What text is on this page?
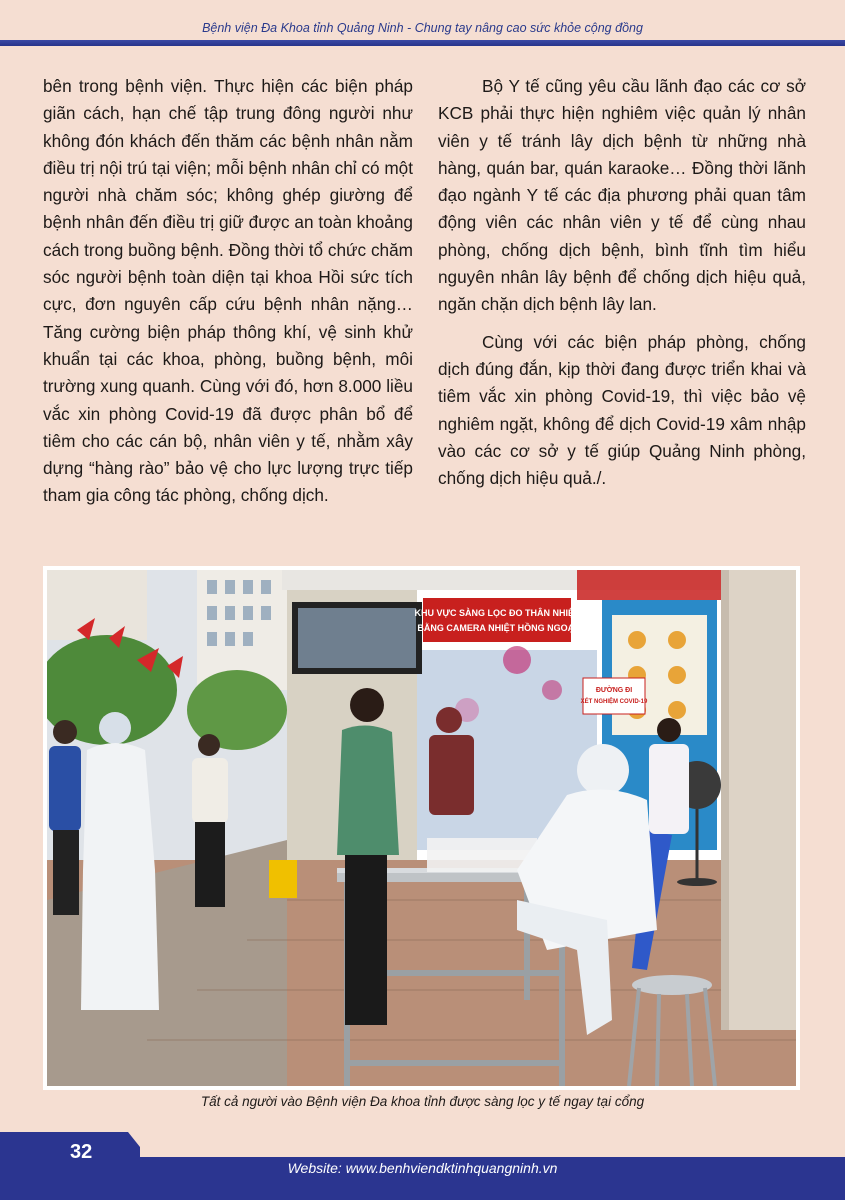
Bệnh viện Đa Khoa tỉnh Quảng Ninh - Chung tay nâng cao sức khỏe cộng đồng

bên trong bệnh viện. Thực hiện các biện pháp giãn cách, hạn chế tập trung đông người như không đón khách đến thăm các bệnh nhân nằm điều trị nội trú tại viện; mỗi bệnh nhân chỉ có một người nhà chăm sóc; không ghép giường để bệnh nhân đến điều trị giữ được an toàn khoảng cách trong buồng bệnh. Đồng thời tổ chức chăm sóc người bệnh toàn diện tại khoa Hồi sức tích cực, đơn nguyên cấp cứu bệnh nhân nặng… Tăng cường biện pháp thông khí, vệ sinh khử khuẩn tại các khoa, phòng, buồng bệnh, môi trường xung quanh. Cùng với đó, hơn 8.000 liều vắc xin phòng Covid-19 đã được phân bổ để tiêm cho các cán bộ, nhân viên y tế, nhằm xây dựng “hàng rào” bảo vệ cho lực lượng trực tiếp tham gia công tác phòng, chống dịch.

Bộ Y tế cũng yêu cầu lãnh đạo các cơ sở KCB phải thực hiện nghiêm việc quản lý nhân viên y tế tránh lây dịch bệnh từ những nhà hàng, quán bar, quán karaoke… Đồng thời lãnh đạo ngành Y tế các địa phương phải quan tâm động viên các nhân viên y tế để cùng nhau phòng, chống dịch bệnh, bình tĩnh tìm hiểu nguyên nhân lây bệnh để chống dịch hiệu quả, ngăn chặn dịch bệnh lây lan.

Cùng với các biện pháp phòng, chống dịch đúng đắn, kịp thời đang được triển khai và tiêm vắc xin phòng Covid-19, thì việc bảo vệ nghiêm ngặt, không để dịch Covid-19 xâm nhập vào các cơ sở y tế giúp Quảng Ninh phòng, chống dịch hiệu quả./.

KHU VỰC SÀNG LỌC ĐO THÂN NHIỆT
BẰNG CAMERA NHIỆT HỒNG NGOẠI
ĐƯỜNG ĐI
XÉT NGHIỆM COVID-19
Tất cả người vào Bệnh viện Đa khoa tỉnh được sàng lọc y tế ngay tại cổng
32
Website: www.benhviendktinhquangninh.vn
